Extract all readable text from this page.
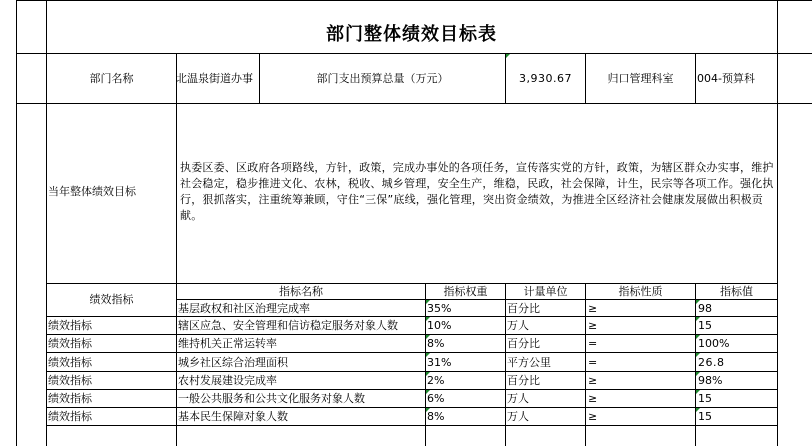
部门整体绩效目标表
部门名称	北温泉街道办事	部门支出预算总量（万元）	3,930.67	归口管理科室	004-预算科
当年整体绩效目标
执委区委、区政府各项路线，方针，政策，完成办事处的各项任务，宣传落实党的方针，政策，为辖区群众办实事，维护社会稳定，稳步推进文化、农林，税收、城乡管理，安全生产，维稳，民政，社会保障，计生，民宗等各项工作。强化执行，狠抓落实，注重统筹兼顾，守住“三保”底线，强化管理，突出资金绩效，为推进全区经济社会健康发展做出积极贡献。
绩效指标
指标名称	指标权重	计量单位	指标性质	指标值
基层政权和社区治理完成率	35%	百分比	≥	98
绩效指标	辖区应急、安全管理和信访稳定服务对象人数	10%	万人	≥	15
绩效指标	维持机关正常运转率	8%	百分比	=	100%
绩效指标	城乡社区综合治理面积	31%	平方公里	=	26.8
绩效指标	农村发展建设完成率	2%	百分比	≥	98%
绩效指标	一般公共服务和公共文化服务对象人数	6%	万人	≥	15
绩效指标	基本民生保障对象人数	8%	万人	≥	15
